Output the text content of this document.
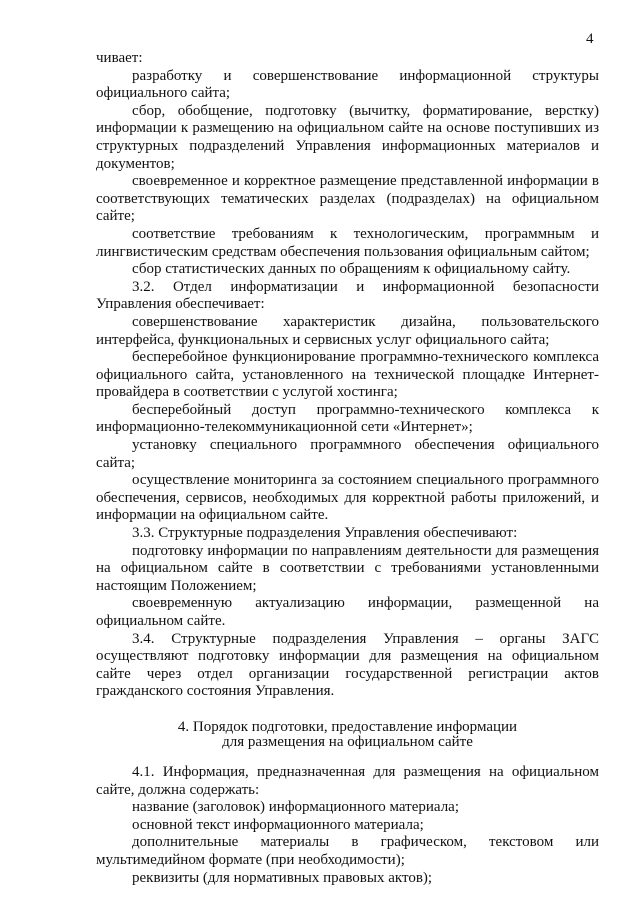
4

чивает:

разработку и совершенствование информационной структуры официального сайта;

сбор, обобщение, подготовку (вычитку, форматирование, верстку) информации к размещению на официальном сайте на основе поступивших из структурных подразделений Управления информационных материалов и документов;

своевременное и корректное размещение представленной информации в соответствующих тематических разделах (подразделах) на официальном сайте;

соответствие требованиям к технологическим, программным и лингвистическим средствам обеспечения пользования официальным сайтом;

сбор статистических данных по обращениям к официальному сайту.

3.2. Отдел информатизации и информационной безопасности Управления обеспечивает:

совершенствование характеристик дизайна, пользовательского интерфейса, функциональных и сервисных услуг официального сайта;

бесперебойное функционирование программно-технического комплекса официального сайта, установленного на технической площадке Интернет-провайдера в соответствии с услугой хостинга;

бесперебойный доступ программно-технического комплекса к информационно-телекоммуникационной сети «Интернет»;

установку специального программного обеспечения официального сайта;

осуществление мониторинга за состоянием специального программного обеспечения, сервисов, необходимых для корректной работы приложений, и информации на официальном сайте.

3.3. Структурные подразделения Управления обеспечивают:

подготовку информации по направлениям деятельности для размещения на официальном сайте в соответствии с требованиями установленными настоящим Положением;

своевременную актуализацию информации, размещенной на официальном сайте.

3.4. Структурные подразделения Управления – органы ЗАГС осуществляют подготовку информации для размещения на официальном сайте через отдел организации государственной регистрации актов гражданского состояния Управления.

4. Порядок подготовки, предоставление информации
для размещения на официальном сайте

4.1. Информация, предназначенная для размещения на официальном сайте, должна содержать:

название (заголовок) информационного материала;

основной текст информационного материала;

дополнительные материалы в графическом, текстовом или мультимедийном формате (при необходимости);

реквизиты (для нормативных правовых актов);
